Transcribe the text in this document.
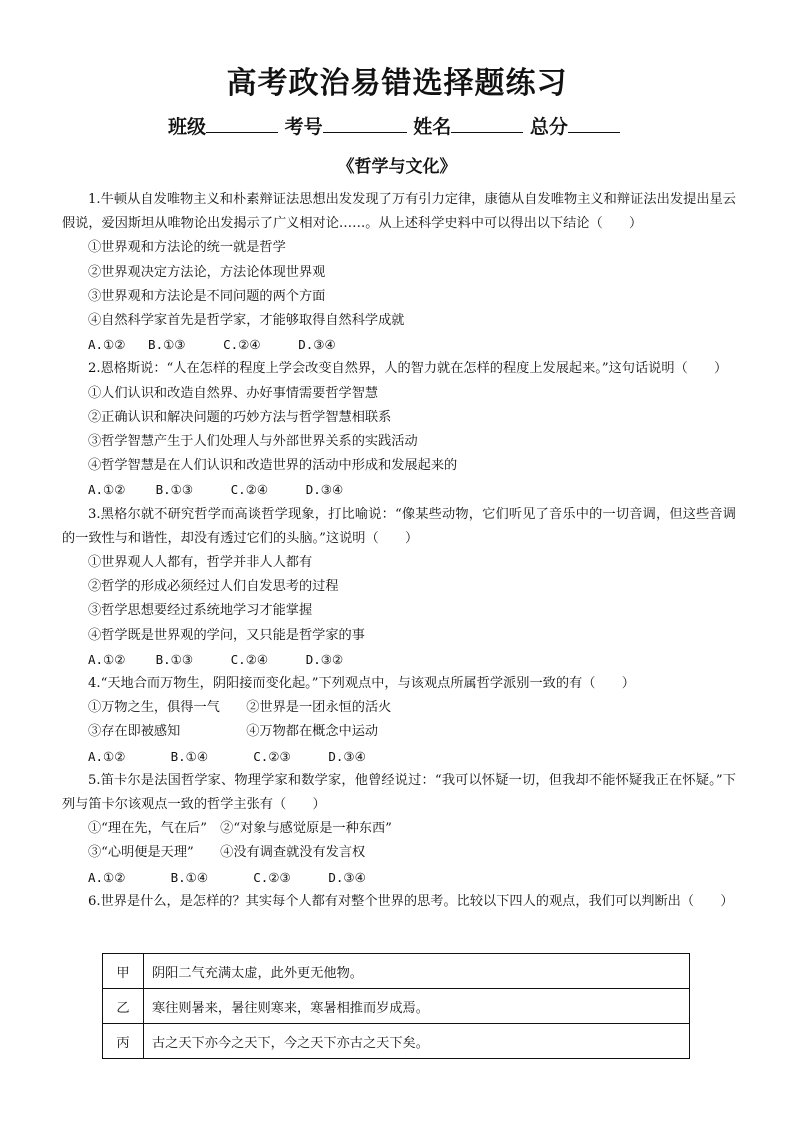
高考政治易错选择题练习
班级	考号	姓名	总分
《哲学与文化》

1.牛顿从自发唯物主义和朴素辩证法思想出发发现了万有引力定律，康德从自发唯物主义和辩证法出发提出星云假说，爱因斯坦从唯物论出发揭示了广义相对论……。从上述科学史料中可以得出以下结论（　　）

①世界观和方法论的统一就是哲学

②世界观决定方法论，方法论体现世界观

③世界观和方法论是不同问题的两个方面

④自然科学家首先是哲学家，才能够取得自然科学成就

A.①②   B.①③     C.②④     D.③④

2.恩格斯说：“人在怎样的程度上学会改变自然界，人的智力就在怎样的程度上发展起来。”这句话说明（　　）

①人们认识和改造自然界、办好事情需要哲学智慧

②正确认识和解决问题的巧妙方法与哲学智慧相联系

③哲学智慧产生于人们处理人与外部世界关系的实践活动

④哲学智慧是在人们认识和改造世界的活动中形成和发展起来的

A.①②    B.①③     C.②④     D.③④

3.黑格尔就不研究哲学而高谈哲学现象，打比喻说：“像某些动物，它们听见了音乐中的一切音调，但这些音调的一致性与和谐性，却没有透过它们的头脑。”这说明（　　）

①世界观人人都有，哲学并非人人都有

②哲学的形成必须经过人们自发思考的过程

③哲学思想要经过系统地学习才能掌握

④哲学既是世界观的学问，又只能是哲学家的事

A.①②    B.①③     C.②④     D.③②

4.“天地合而万物生，阴阳接而变化起。”下列观点中，与该观点所属哲学派别一致的有（　　）

①万物之生，俱得一气　　②世界是一团永恒的活火

③存在即被感知　　　　　④万物都在概念中运动

A.①②      B.①④      C.②③     D.③④

5.笛卡尔是法国哲学家、物理学家和数学家，他曾经说过：“我可以怀疑一切，但我却不能怀疑我正在怀疑。”下列与笛卡尔该观点一致的哲学主张有（　　）

①“理在先，气在后”　②“对象与感觉原是一种东西”

③“心明便是天理”　　④没有调查就没有发言权

A.①②      B.①④      C.②③     D.③④

6.世界是什么，是怎样的？其实每个人都有对整个世界的思考。比较以下四人的观点，我们可以判断出（　　）

甲	阴阳二气充满太虚，此外更无他物。
乙	寒往则暑来，暑往则寒来，寒暑相推而岁成焉。
丙	古之天下亦今之天下，今之天下亦古之天下矣。
